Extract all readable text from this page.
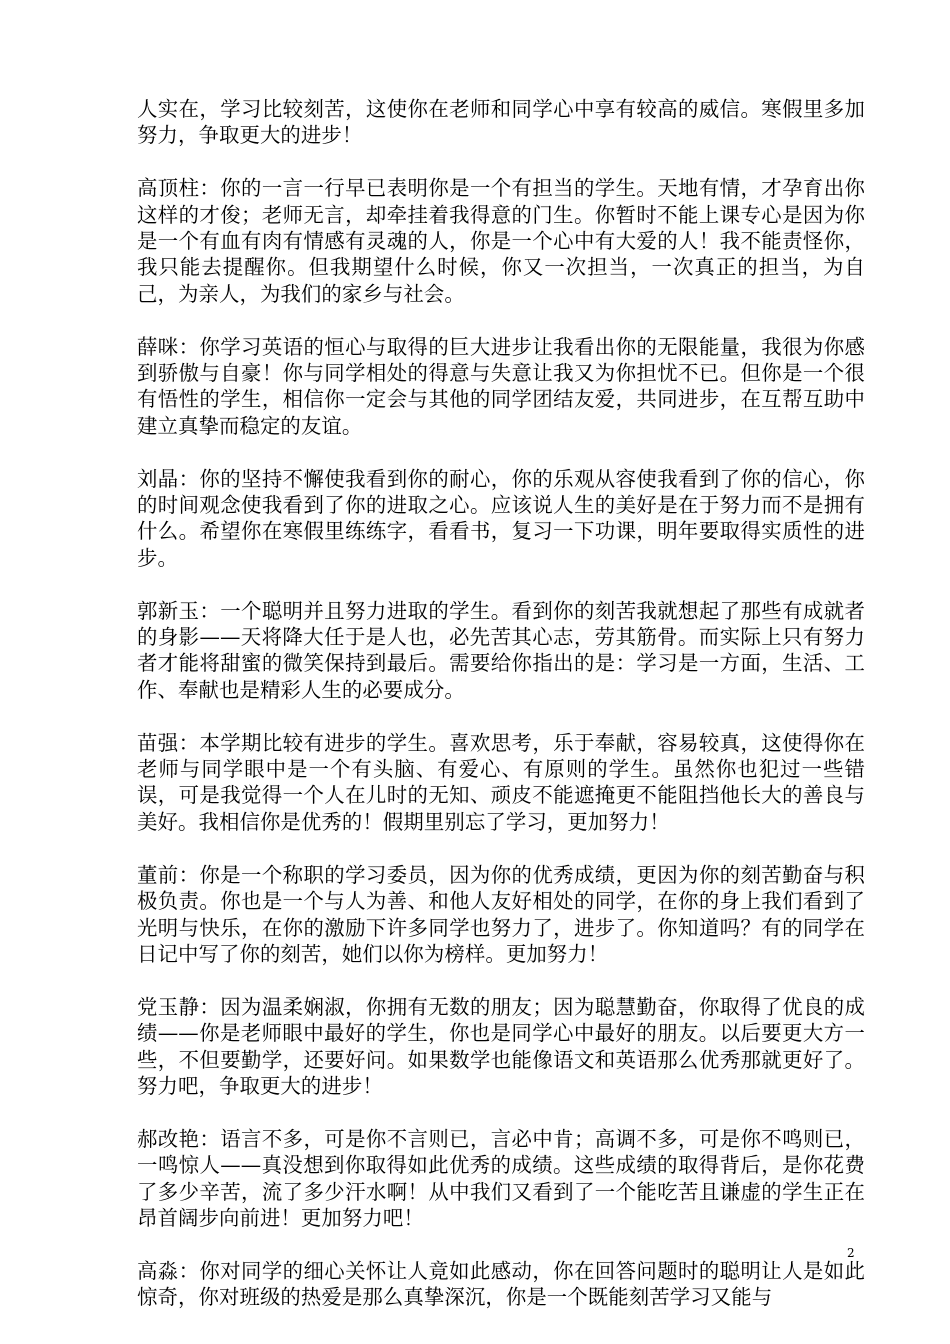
人实在，学习比较刻苦，这使你在老师和同学心中享有较高的威信。寒假里多加努力，争取更大的进步！

高顶柱：你的一言一行早已表明你是一个有担当的学生。天地有情，才孕育出你这样的才俊；老师无言，却牵挂着我得意的门生。你暂时不能上课专心是因为你是一个有血有肉有情感有灵魂的人，你是一个心中有大爱的人！我不能责怪你，我只能去提醒你。但我期望什么时候，你又一次担当，一次真正的担当，为自己，为亲人，为我们的家乡与社会。

薛咪：你学习英语的恒心与取得的巨大进步让我看出你的无限能量，我很为你感到骄傲与自豪！你与同学相处的得意与失意让我又为你担忧不已。但你是一个很有悟性的学生，相信你一定会与其他的同学团结友爱，共同进步，在互帮互助中建立真挚而稳定的友谊。

刘晶：你的坚持不懈使我看到你的耐心，你的乐观从容使我看到了你的信心，你的时间观念使我看到了你的进取之心。应该说人生的美好是在于努力而不是拥有什么。希望你在寒假里练练字，看看书，复习一下功课，明年要取得实质性的进步。

郭新玉：一个聪明并且努力进取的学生。看到你的刻苦我就想起了那些有成就者的身影——天将降大任于是人也，必先苦其心志，劳其筋骨。而实际上只有努力者才能将甜蜜的微笑保持到最后。需要给你指出的是：学习是一方面，生活、工作、奉献也是精彩人生的必要成分。

苗强：本学期比较有进步的学生。喜欢思考，乐于奉献，容易较真，这使得你在老师与同学眼中是一个有头脑、有爱心、有原则的学生。虽然你也犯过一些错误，可是我觉得一个人在儿时的无知、顽皮不能遮掩更不能阻挡他长大的善良与美好。我相信你是优秀的！假期里别忘了学习，更加努力！

董前：你是一个称职的学习委员，因为你的优秀成绩，更因为你的刻苦勤奋与积极负责。你也是一个与人为善、和他人友好相处的同学，在你的身上我们看到了光明与快乐，在你的激励下许多同学也努力了，进步了。你知道吗？有的同学在日记中写了你的刻苦，她们以你为榜样。更加努力！

党玉静：因为温柔娴淑，你拥有无数的朋友；因为聪慧勤奋，你取得了优良的成绩——你是老师眼中最好的学生，你也是同学心中最好的朋友。以后要更大方一些，不但要勤学，还要好问。如果数学也能像语文和英语那么优秀那就更好了。努力吧，争取更大的进步！

郝改艳：语言不多，可是你不言则已，言必中肯；高调不多，可是你不鸣则已，一鸣惊人——真没想到你取得如此优秀的成绩。这些成绩的取得背后，是你花费了多少辛苦，流了多少汗水啊！从中我们又看到了一个能吃苦且谦虚的学生正在昂首阔步向前进！更加努力吧！

高淼：你对同学的细心关怀让人竟如此感动，你在回答问题时的聪明让人是如此惊奇，你对班级的热爱是那么真挚深沉，你是一个既能刻苦学习又能与

2
